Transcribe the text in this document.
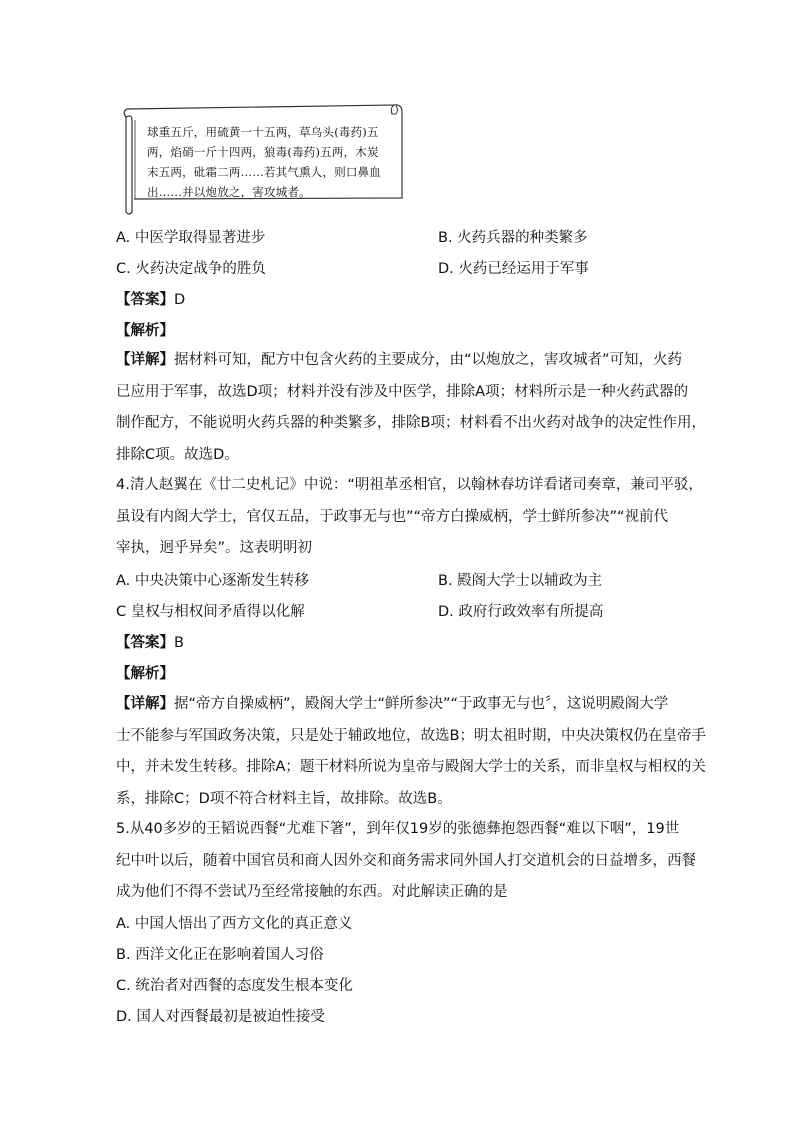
球重五斤，用硫黄一十五两，草乌头(毒药)五
两，焰硝一斤十四两，狼毒(毒药)五两，木炭
末五两，砒霜二两……若其气熏人，则口鼻血
出……并以炮放之，害攻城者。
A. 中医学取得显著进步	B. 火药兵器的种类繁多
C. 火药决定战争的胜负	D. 火药已经运用于军事
【答案】D
【解析】
【详解】据材料可知，配方中包含火药的主要成分，由“以炮放之，害攻城者”可知，火药
已应用于军事，故选D项；材料并没有涉及中医学，排除A项；材料所示是一种火药武器的
制作配方，不能说明火药兵器的种类繁多，排除B项；材料看不出火药对战争的决定性作用，
排除C项。故选D。
4.清人赵翼在《廿二史札记》中说：“明祖革丞相官，以翰林春坊详看诸司奏章，兼司平驳，
虽设有内阁大学士，官仅五品，于政事无与也”“帝方白操威柄，学士鲜所参决”“视前代
宰执，迥乎异矣”。这表明明初
A. 中央决策中心逐渐发生转移	B. 殿阁大学士以辅政为主
C 皇权与相权间矛盾得以化解	D. 政府行政效率有所提高
【答案】B
【解析】
【详解】据“帝方自操威柄”，殿阁大学士“鲜所参决”“于政事无与也〞，这说明殿阁大学
士不能参与军国政务决策，只是处于辅政地位，故选B；明太祖时期，中央决策权仍在皇帝手
中，并未发生转移。排除A；题干材料所说为皇帝与殿阁大学士的关系，而非皇权与相权的关
系，排除C；D项不符合材料主旨，故排除。故选B。
5.从40多岁的王韬说西餐“尤难下箸”，到年仅19岁的张德彝抱怨西餐“难以下咽”，19世
纪中叶以后，随着中国官员和商人因外交和商务需求同外国人打交道机会的日益增多，西餐
成为他们不得不尝试乃至经常接触的东西。对此解读正确的是
A. 中国人悟出了西方文化的真正意义
B. 西洋文化正在影响着国人习俗
C. 统治者对西餐的态度发生根本变化
D. 国人对西餐最初是被迫性接受
